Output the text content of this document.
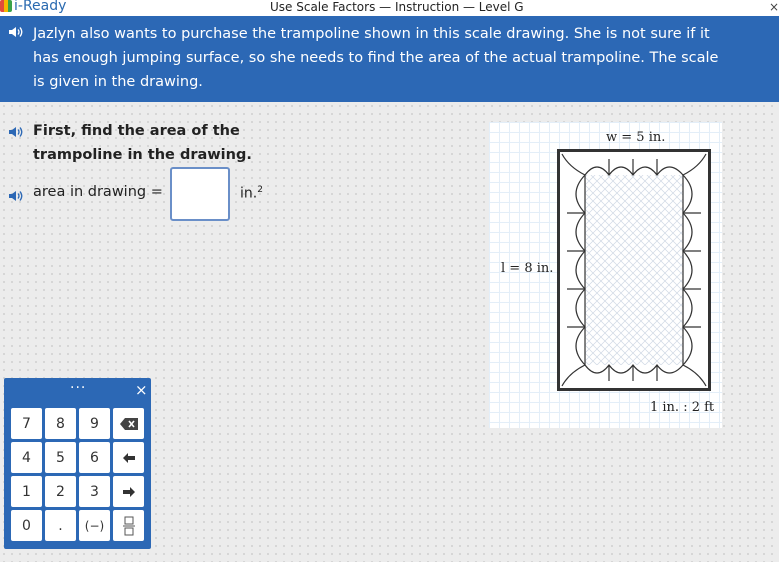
i-Ready	Use Scale Factors — Instruction — Level G	×
Jazlyn also wants to purchase the trampoline shown in this scale drawing. She is not sure if it has enough jumping surface, so she needs to find the area of the actual trampoline. The scale is given in the drawing.
First, find the area of the trampoline in the drawing.
area in drawing =	in.$^2$
w = 5 in.
l = 8 in.
1 in. : 2 ft
···	×
7	8	9
4	5	6
1	2	3
0	.	(−)
